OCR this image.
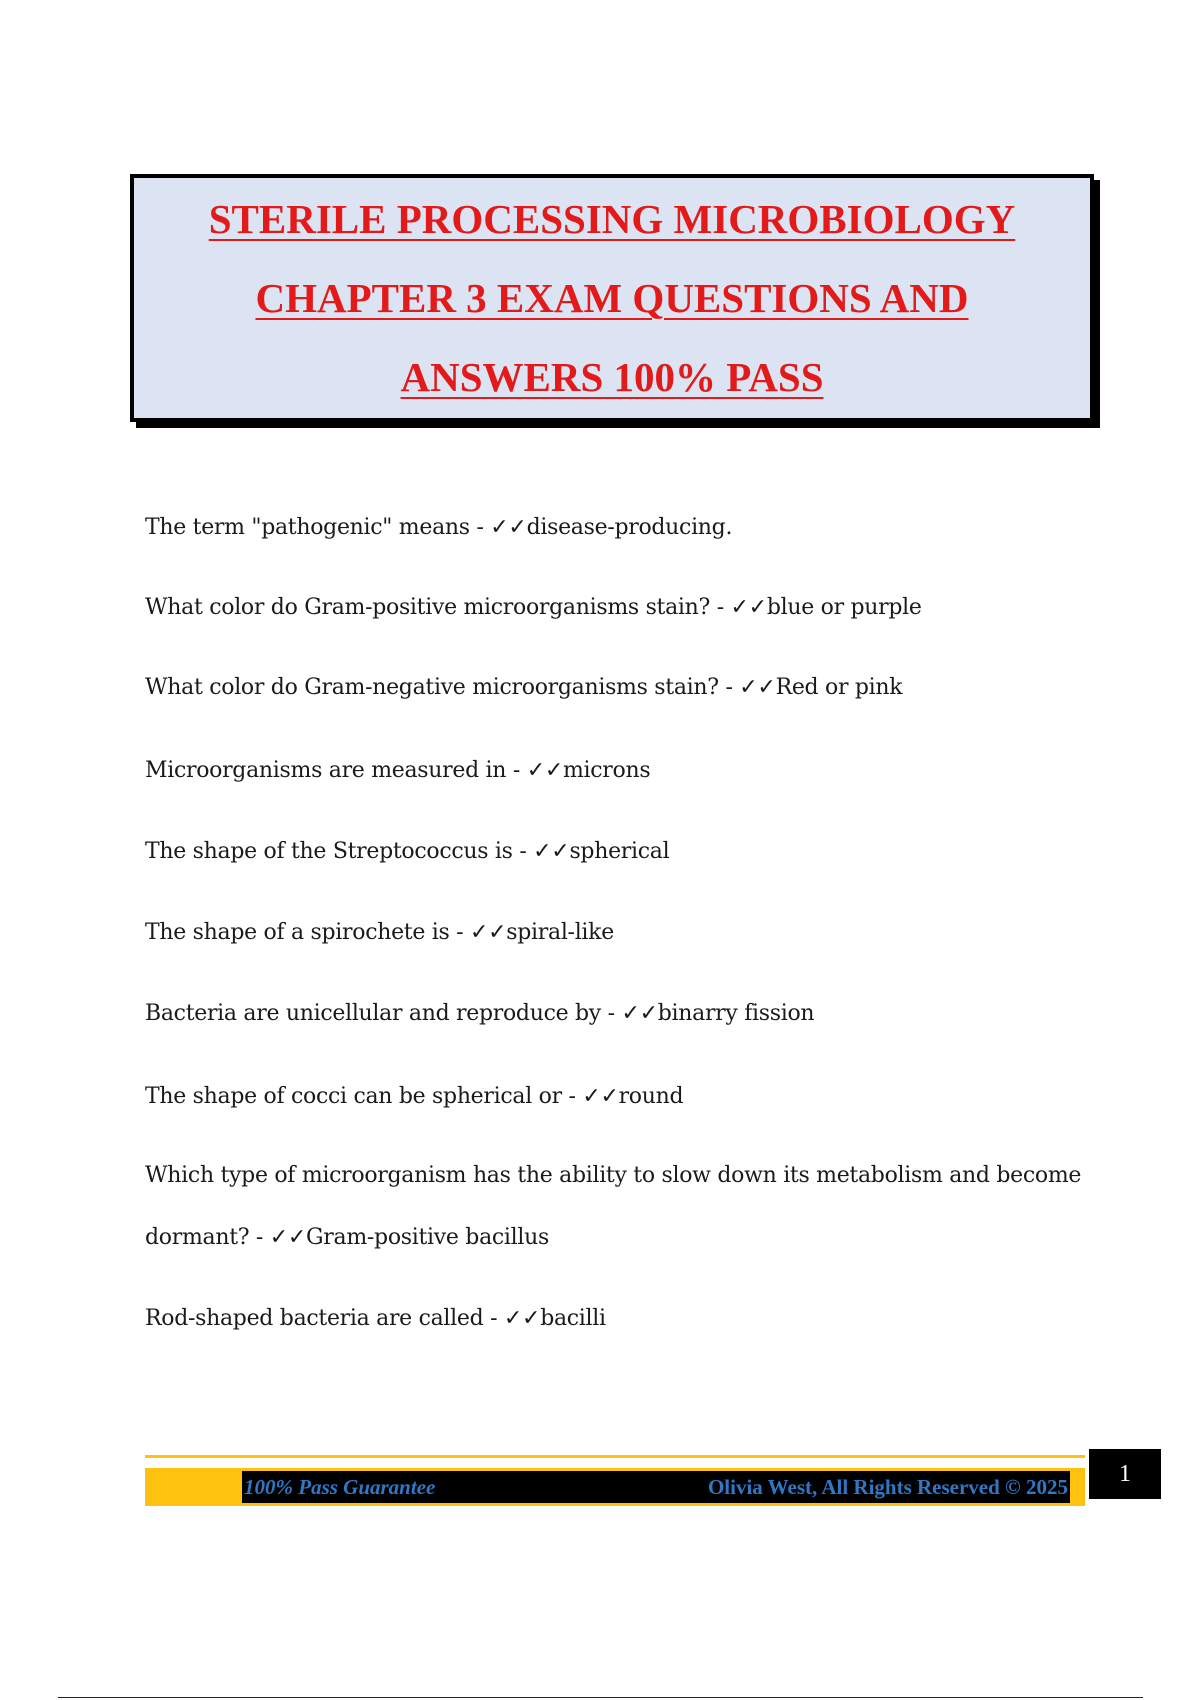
STERILE PROCESSING MICROBIOLOGY
CHAPTER 3 EXAM QUESTIONS AND
ANSWERS 100% PASS
The term "pathogenic" means - ✓✓disease-producing.
What color do Gram-positive microorganisms stain? - ✓✓blue or purple
What color do Gram-negative microorganisms stain? - ✓✓Red or pink
Microorganisms are measured in - ✓✓microns
The shape of the Streptococcus is - ✓✓spherical
The shape of a spirochete is - ✓✓spiral-like
Bacteria are unicellular and reproduce by - ✓✓binarry fission
The shape of cocci can be spherical or - ✓✓round
Which type of microorganism has the ability to slow down its metabolism and become dormant? - ✓✓Gram-positive bacillus
Rod-shaped bacteria are called - ✓✓bacilli
100% Pass Guarantee	Olivia West, All Rights Reserved © 2025	1
